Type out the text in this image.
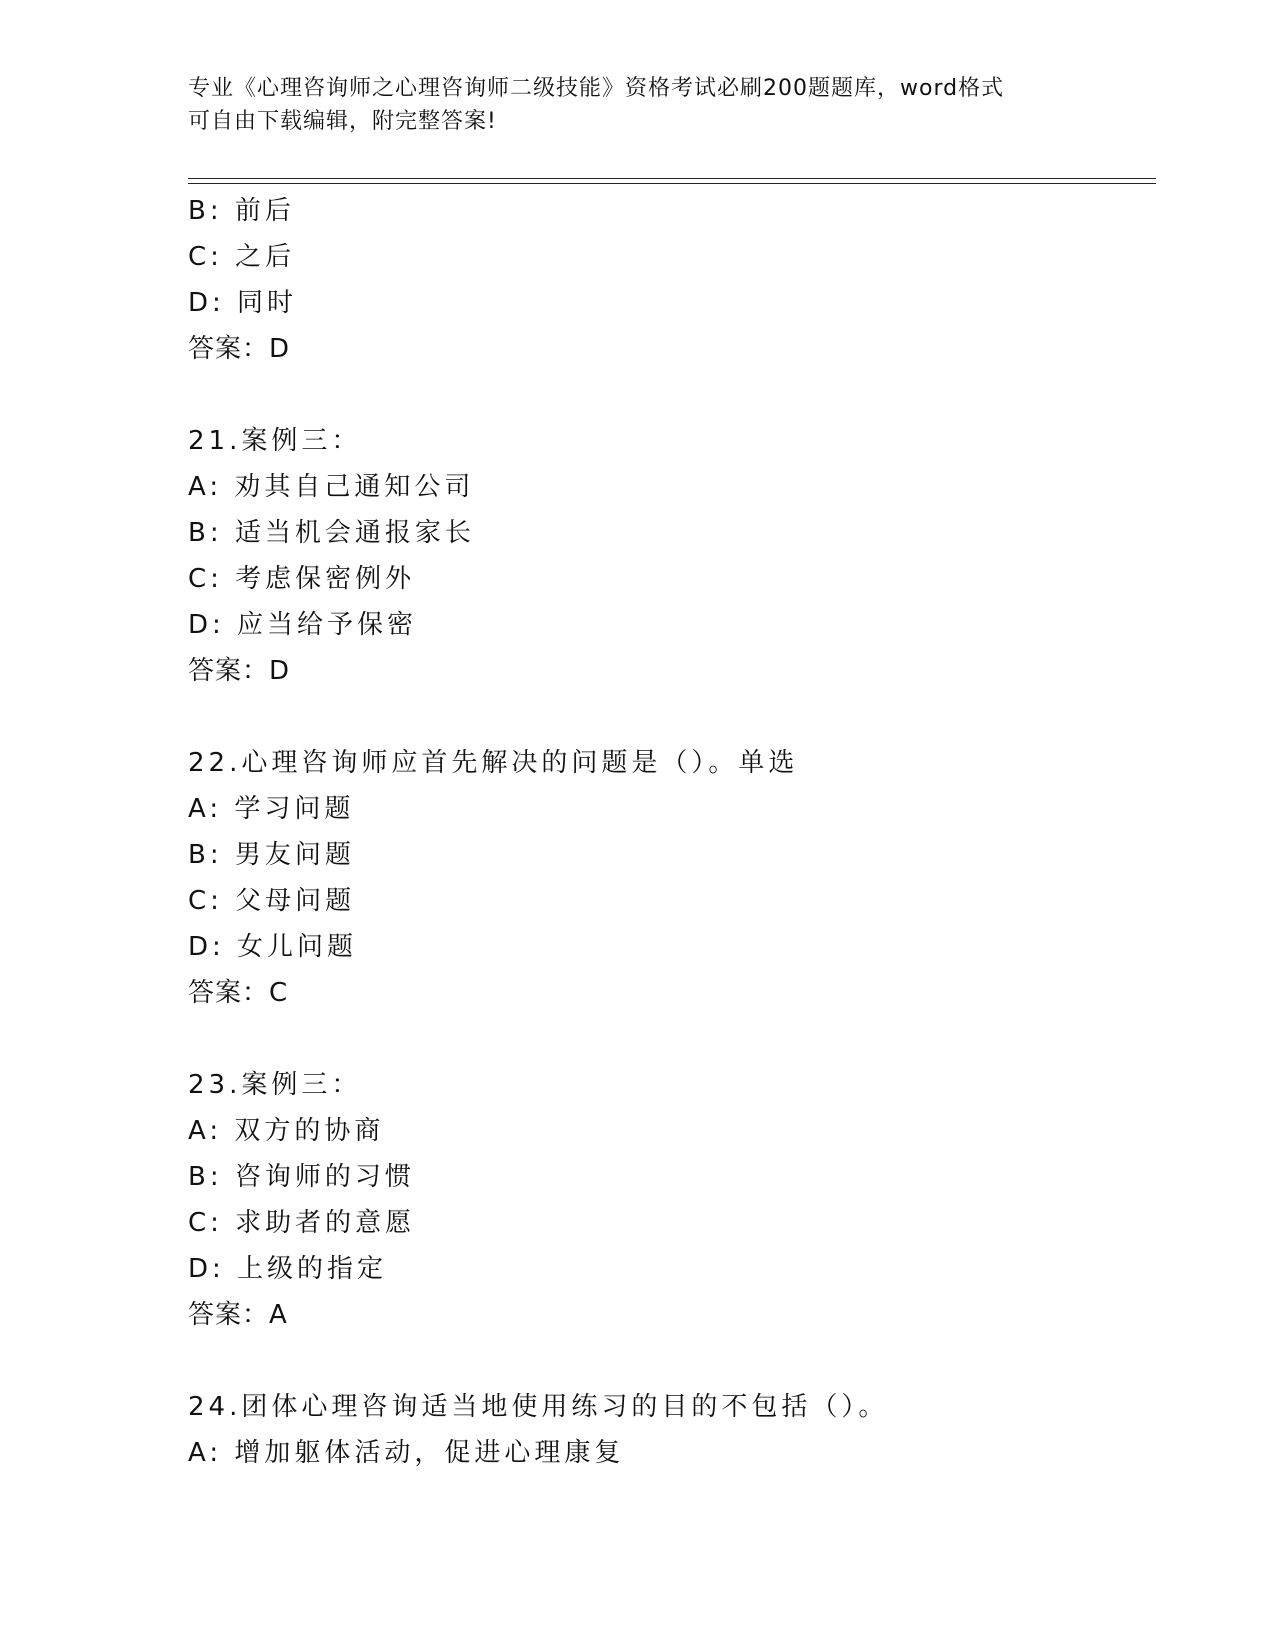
专业《心理咨询师之心理咨询师二级技能》资格考试必刷200题题库，word格式
可自由下载编辑，附完整答案!
B: 前后
C: 之后
D: 同时
答案：D
21.案例三：
A: 劝其自己通知公司
B: 适当机会通报家长
C: 考虑保密例外
D: 应当给予保密
答案：D
22.心理咨询师应首先解决的问题是（）。单选
A: 学习问题
B: 男友问题
C: 父母问题
D: 女儿问题
答案：C
23.案例三：
A: 双方的协商
B: 咨询师的习惯
C: 求助者的意愿
D: 上级的指定
答案：A
24.团体心理咨询适当地使用练习的目的不包括（）。
A: 增加躯体活动，促进心理康复
